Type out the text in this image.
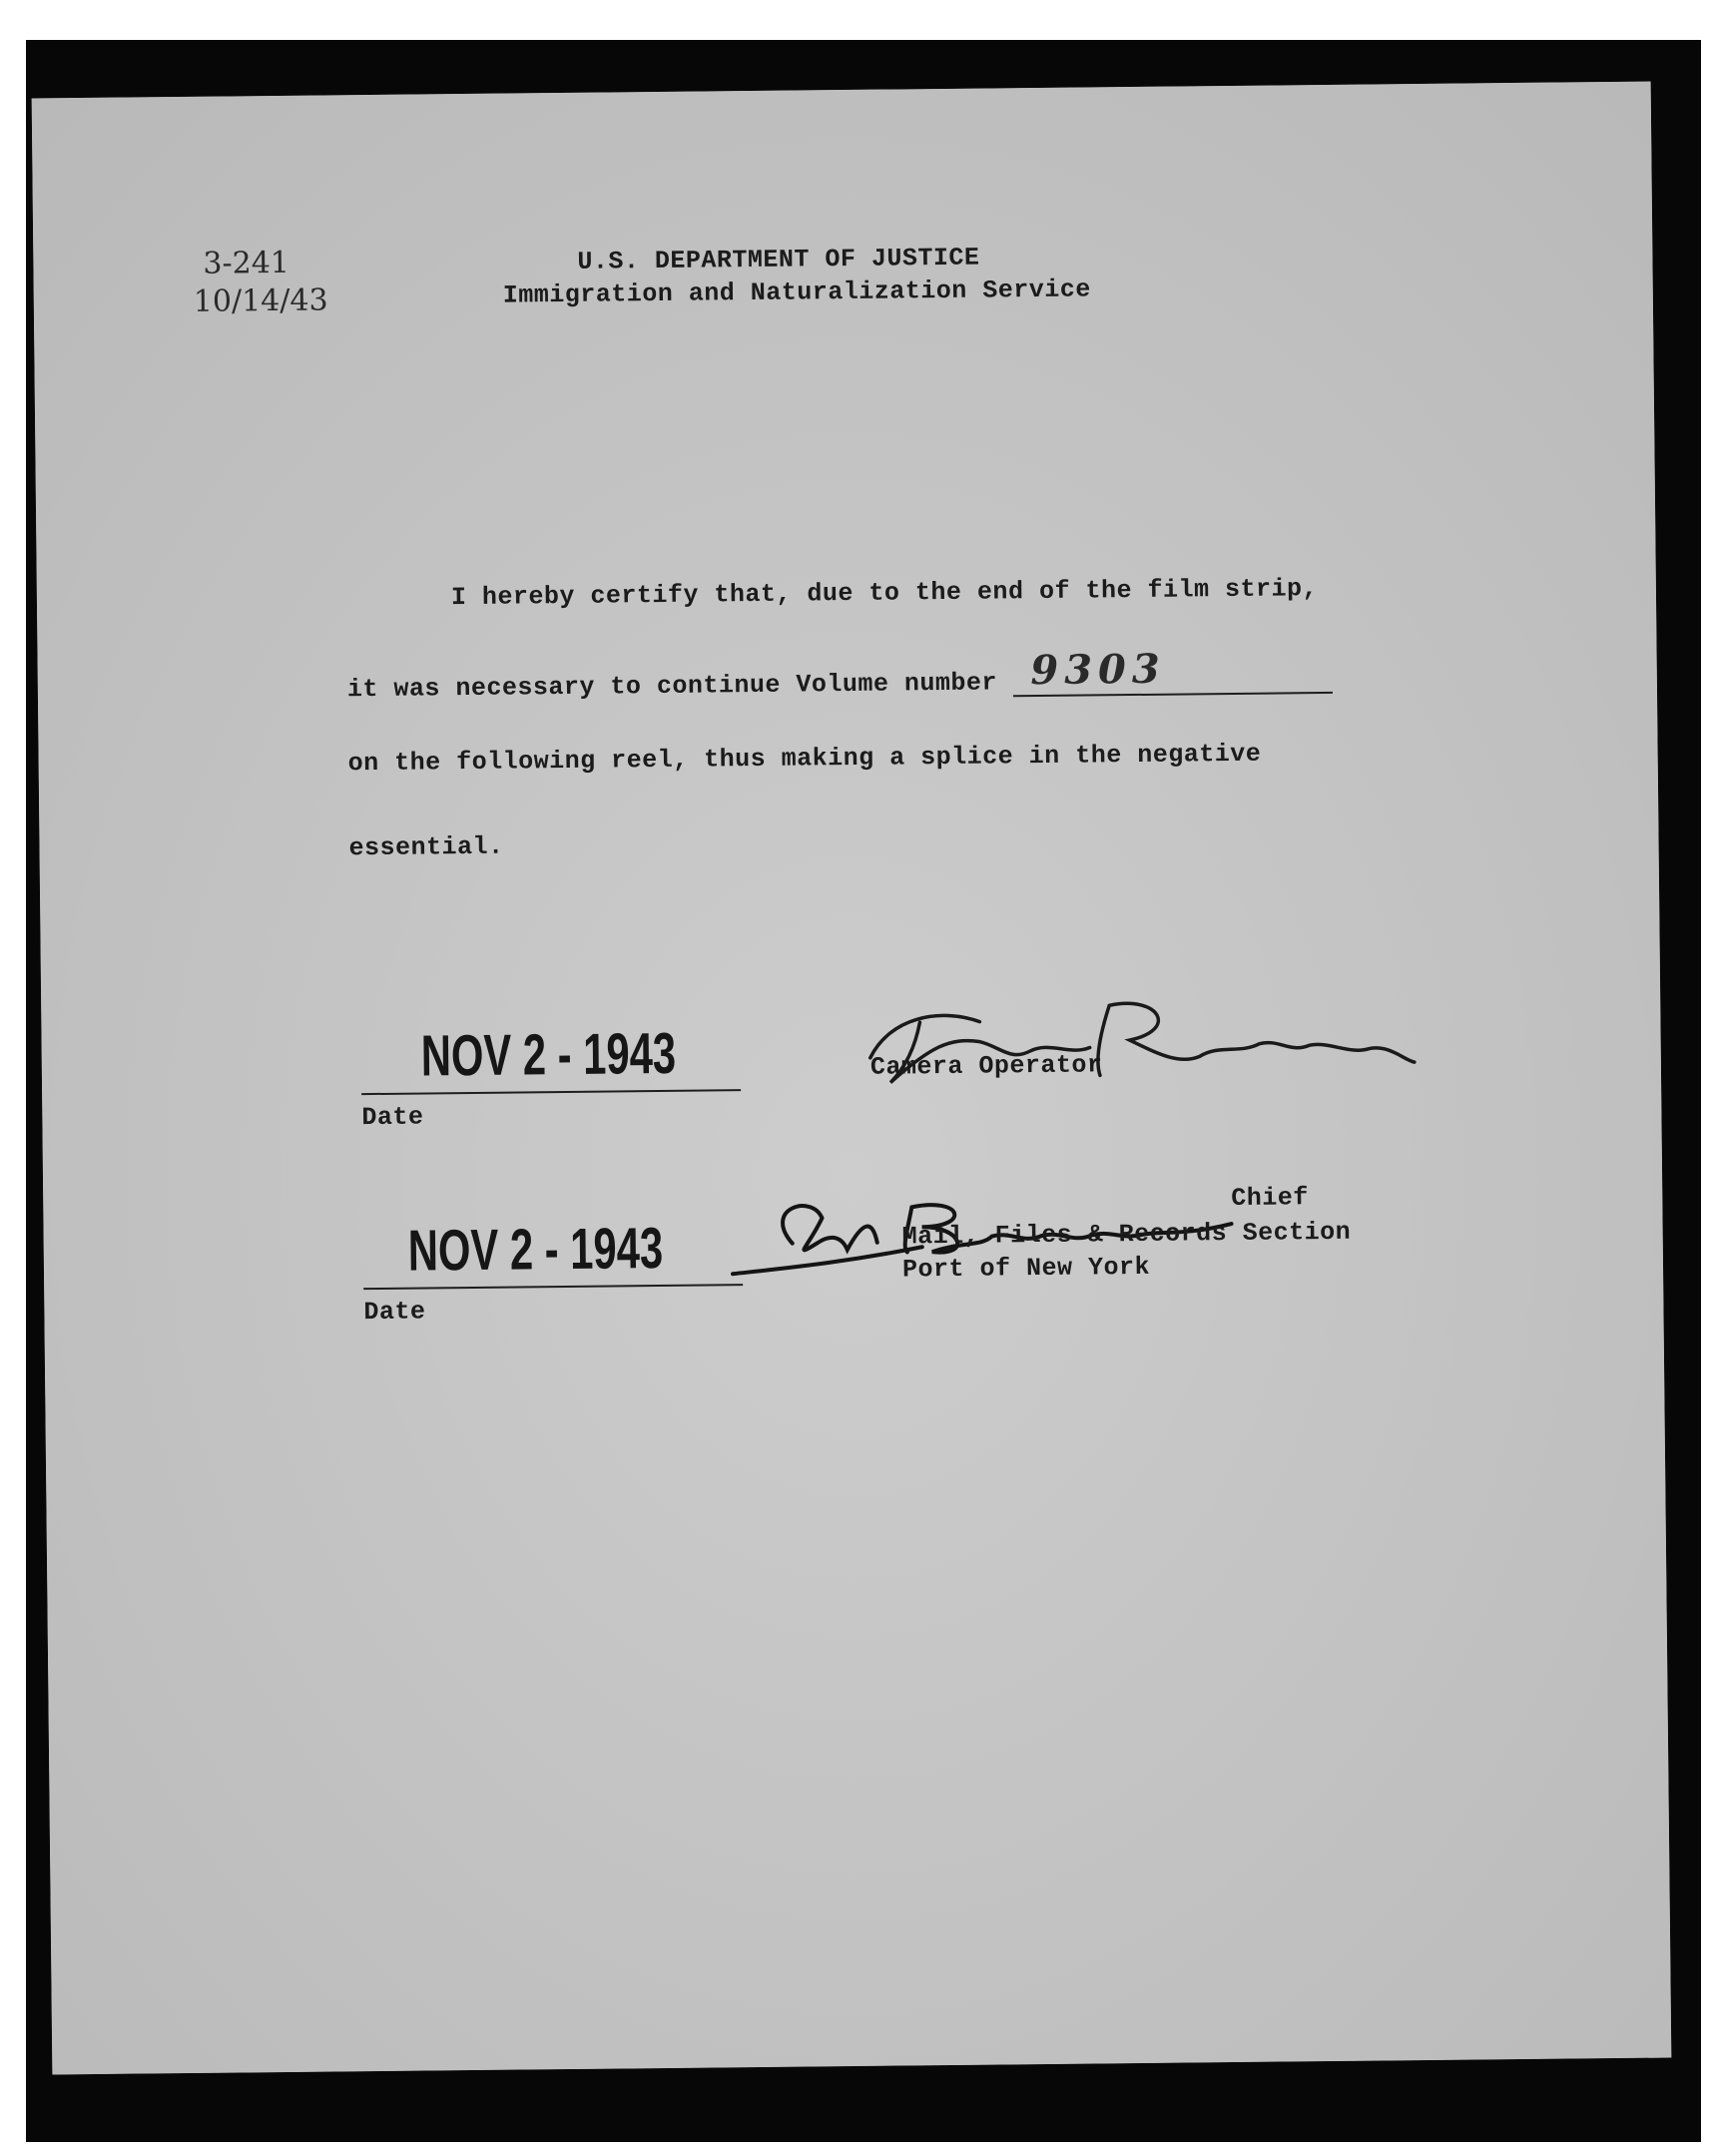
3-241
10/14/43
U.S. DEPARTMENT OF JUSTICE
Immigration and Naturalization Service
I hereby certify that, due to the end of the film strip,
it was necessary to continue Volume number 9303
on the following reel, thus making a splice in the negative
essential.
NOV 2 - 1943
Date
Camera Operator
NOV 2 - 1943
Date
Chief
Mail, Files & Records Section
Port of New York
